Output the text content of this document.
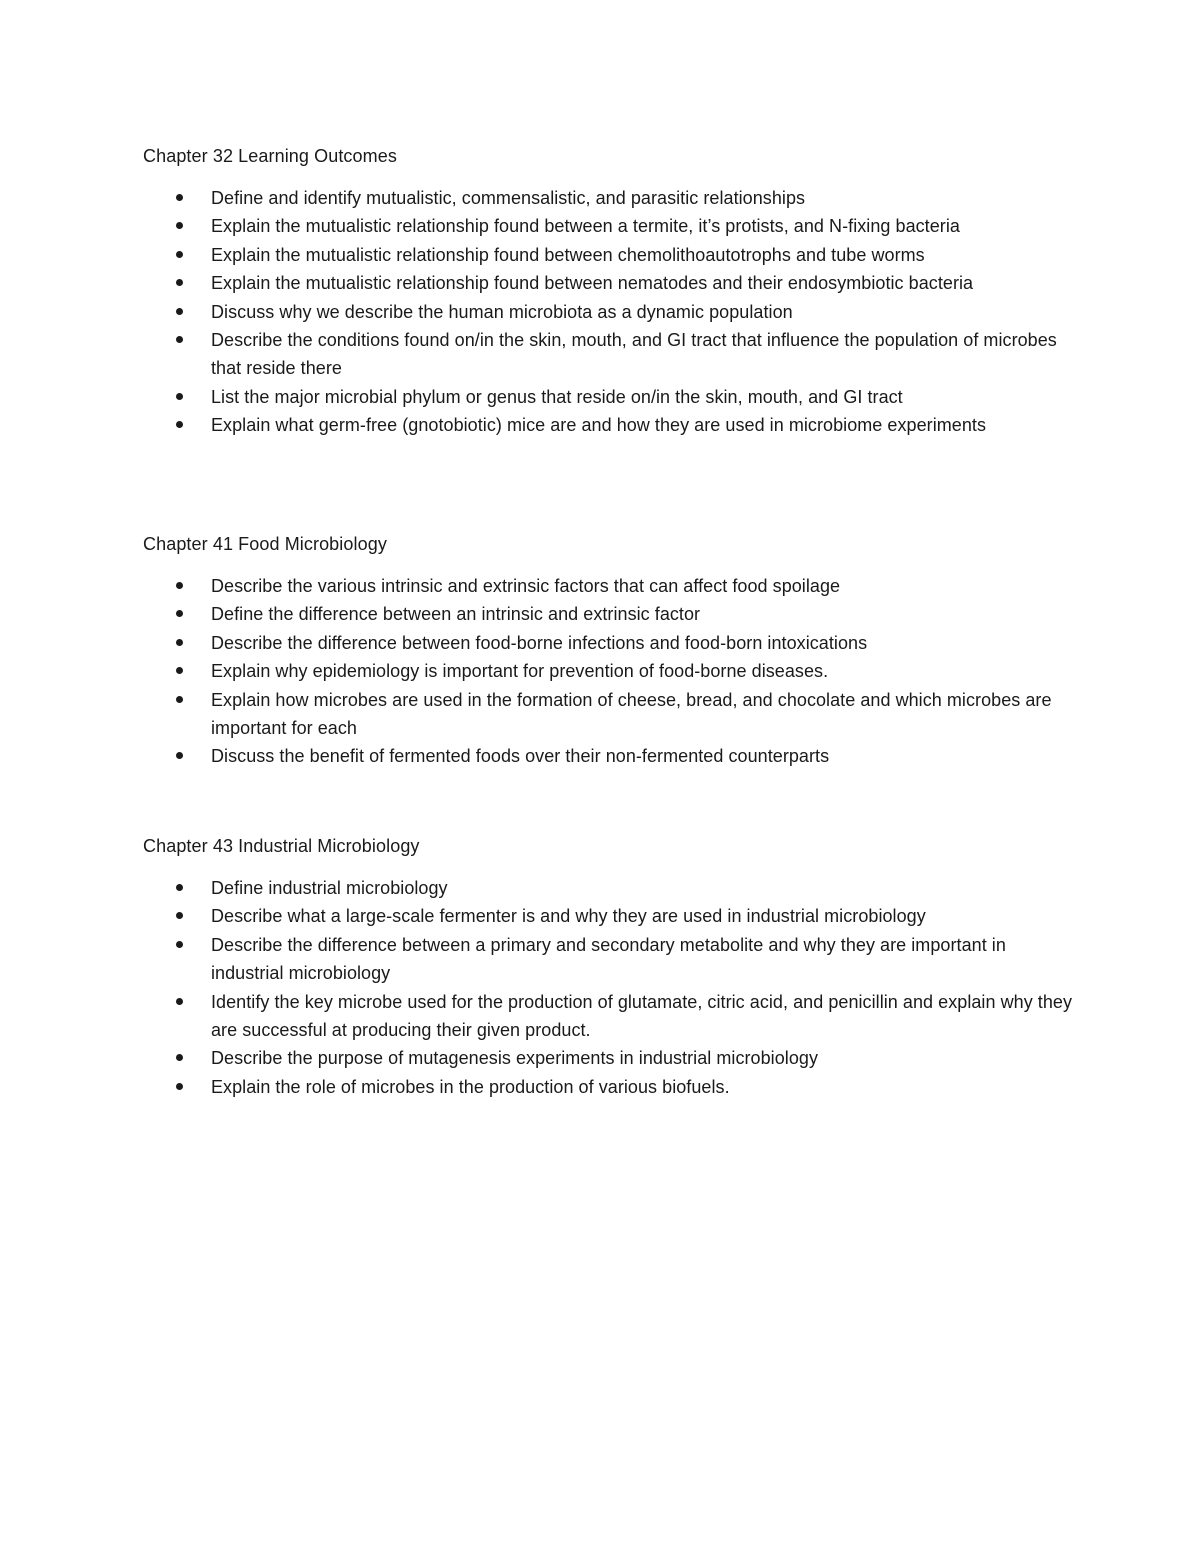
Chapter 32 Learning Outcomes
Define and identify mutualistic, commensalistic, and parasitic relationships
Explain the mutualistic relationship found between a termite, it’s protists, and N-fixing bacteria
Explain the mutualistic relationship found between chemolithoautotrophs and tube worms
Explain the mutualistic relationship found between nematodes and their endosymbiotic bacteria
Discuss why we describe the human microbiota as a dynamic population
Describe the conditions found on/in the skin, mouth, and GI tract that influence the population of microbes that reside there
List the major microbial phylum or genus that reside on/in the skin, mouth, and GI tract
Explain what germ-free (gnotobiotic) mice are and how they are used in microbiome experiments
Chapter 41 Food Microbiology
Describe the various intrinsic and extrinsic factors that can affect food spoilage
Define the difference between an intrinsic and extrinsic factor
Describe the difference between food-borne infections and food-born intoxications
Explain why epidemiology is important for prevention of food-borne diseases.
Explain how microbes are used in the formation of cheese, bread, and chocolate and which microbes are important for each
Discuss the benefit of fermented foods over their non-fermented counterparts
Chapter 43 Industrial Microbiology
Define industrial microbiology
Describe what a large-scale fermenter is and why they are used in industrial microbiology
Describe the difference between a primary and secondary metabolite and why they are important in industrial microbiology
Identify the key microbe used for the production of glutamate, citric acid, and penicillin and explain why they are successful at producing their given product.
Describe the purpose of mutagenesis experiments in industrial microbiology
Explain the role of microbes in the production of various biofuels.
